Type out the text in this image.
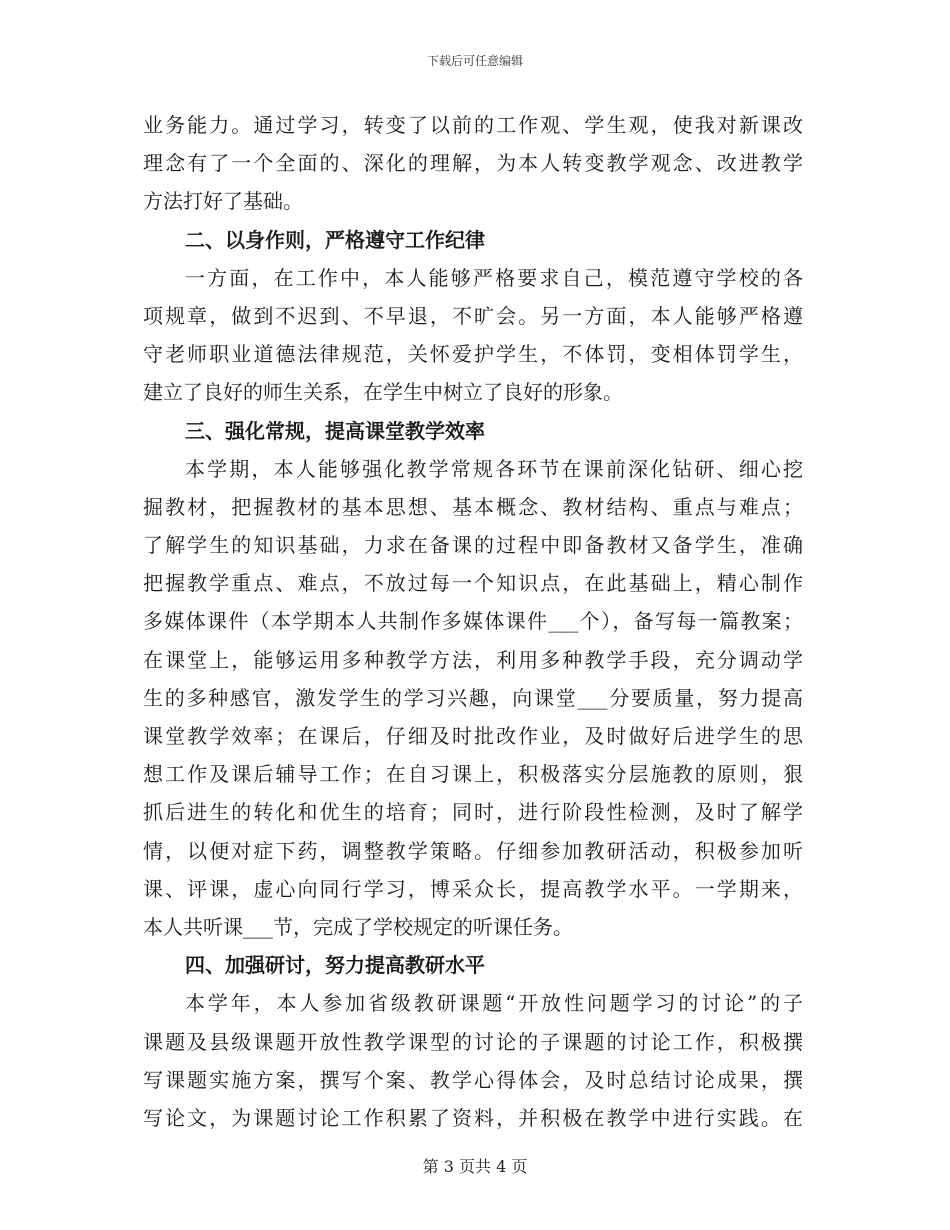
下载后可任意编辑
业务能力。通过学习，转变了以前的工作观、学生观，使我对新课改
理念有了一个全面的、深化的理解，为本人转变教学观念、改进教学
方法打好了基础。
二、以身作则，严格遵守工作纪律
一方面，在工作中，本人能够严格要求自己，模范遵守学校的各
项规章，做到不迟到、不早退，不旷会。另一方面，本人能够严格遵
守老师职业道德法律规范，关怀爱护学生，不体罚，变相体罚学生，
建立了良好的师生关系，在学生中树立了良好的形象。
三、强化常规，提高课堂教学效率
本学期，本人能够强化教学常规各环节在课前深化钻研、细心挖
掘教材，把握教材的基本思想、基本概念、教材结构、重点与难点；
了解学生的知识基础，力求在备课的过程中即备教材又备学生，准确
把握教学重点、难点，不放过每一个知识点，在此基础上，精心制作
多媒体课件（本学期本人共制作多媒体课件___个），备写每一篇教案；
在课堂上，能够运用多种教学方法，利用多种教学手段，充分调动学
生的多种感官，激发学生的学习兴趣，向课堂___分要质量，努力提高
课堂教学效率；在课后，仔细及时批改作业，及时做好后进学生的思
想工作及课后辅导工作；在自习课上，积极落实分层施教的原则，狠
抓后进生的转化和优生的培育；同时，进行阶段性检测，及时了解学
情，以便对症下药，调整教学策略。仔细参加教研活动，积极参加听
课、评课，虚心向同行学习，博采众长，提高教学水平。一学期来，
本人共听课___节，完成了学校规定的听课任务。
四、加强研讨，努力提高教研水平
本学年，本人参加省级教研课题“开放性问题学习的讨论”的子
课题及县级课题开放性教学课型的讨论的子课题的讨论工作，积极撰
写课题实施方案，撰写个案、教学心得体会，及时总结讨论成果，撰
写论文，为课题讨论工作积累了资料，并积极在教学中进行实践。在
第 3 页共 4 页
